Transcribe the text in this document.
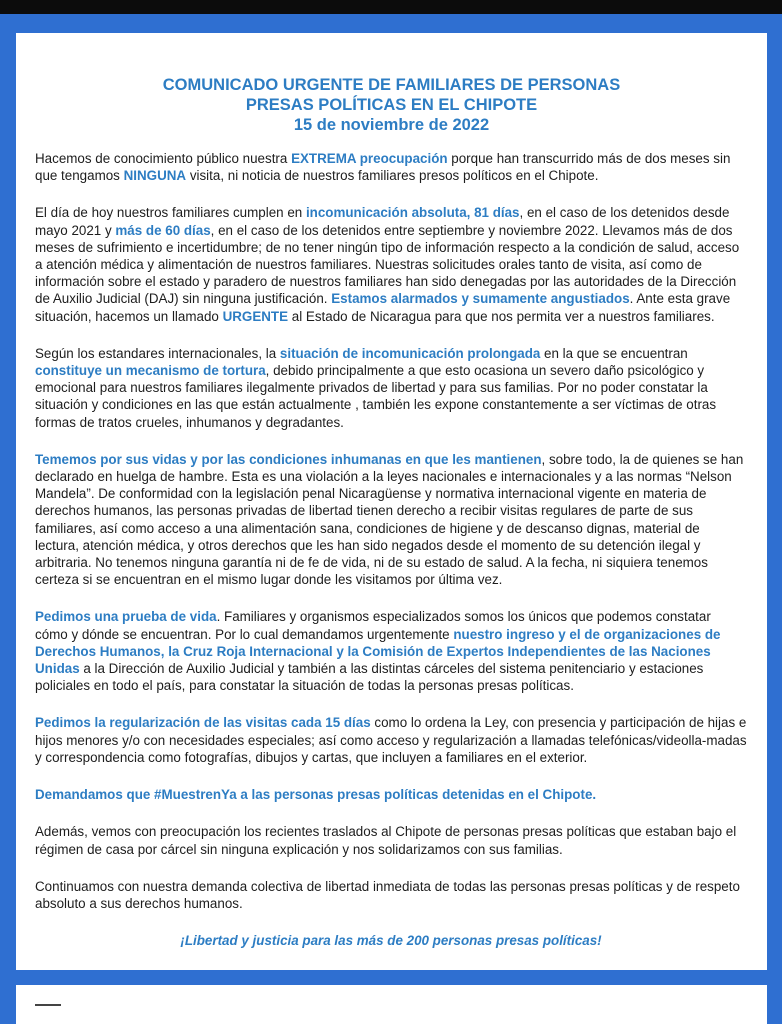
COMUNICADO URGENTE DE FAMILIARES DE PERSONAS
PRESAS POLÍTICAS EN EL CHIPOTE
15 de noviembre de 2022

Hacemos de conocimiento público nuestra EXTREMA preocupación porque han transcurrido más de dos meses sin que tengamos NINGUNA visita, ni noticia de nuestros familiares presos políticos en el Chipote.

El día de hoy nuestros familiares cumplen en incomunicación absoluta, 81 días, en el caso de los detenidos desde mayo 2021 y más de 60 días, en el caso de los detenidos entre septiembre y noviembre 2022. Llevamos más de dos meses de sufrimiento e incertidumbre; de no tener ningún tipo de información respecto a la condición de salud, acceso a atención médica y alimentación de nuestros familiares. Nuestras solicitudes orales tanto de visita, así como de información sobre el estado y paradero de nuestros familiares han sido denegadas por las autoridades de la Dirección de Auxilio Judicial (DAJ) sin ninguna justificación. Estamos alarmados y sumamente angustiados. Ante esta grave situación, hacemos un llamado URGENTE al Estado de Nicaragua para que nos permita ver a nuestros familiares.

Según los estandares internacionales, la situación de incomunicación prolongada en la que se encuentran constituye un mecanismo de tortura, debido principalmente a que esto ocasiona un severo daño psicológico y emocional para nuestros familiares ilegalmente privados de libertad y para sus familias. Por no poder constatar la situación y condiciones en las que están actualmente , también les expone constantemente a ser víctimas de otras formas de tratos crueles, inhumanos y degradantes.

Tememos por sus vidas y por las condiciones inhumanas en que les mantienen, sobre todo, la de quienes se han declarado en huelga de hambre. Esta es una violación a la leyes nacionales e internacionales y a las normas “Nelson Mandela”. De conformidad con la legislación penal Nicaragüense y normativa internacional vigente en materia de derechos humanos, las personas privadas de libertad tienen derecho a recibir visitas regulares de parte de sus familiares, así como acceso a una alimentación sana, condiciones de higiene y de descanso dignas, material de lectura, atención médica, y otros derechos que les han sido negados desde el momento de su detención ilegal y arbitraria. No tenemos ninguna garantía ni de fe de vida, ni de su estado de salud. A la fecha, ni siquiera tenemos certeza si se encuentran en el mismo lugar donde les visitamos por última vez.

Pedimos una prueba de vida. Familiares y organismos especializados somos los únicos que podemos constatar cómo y dónde se encuentran. Por lo cual demandamos urgentemente nuestro ingreso y el de organizaciones de Derechos Humanos, la Cruz Roja Internacional y la Comisión de Expertos Independientes de las Naciones Unidas a la Dirección de Auxilio Judicial y también a las distintas cárceles del sistema penitenciario y estaciones policiales en todo el país, para constatar la situación de todas la personas presas políticas.

Pedimos la regularización de las visitas cada 15 días como lo ordena la Ley, con presencia y participación de hijas e hijos menores y/o con necesidades especiales; así como acceso y regularización a llamadas telefónicas/videolla-madas y correspondencia como fotografías, dibujos y cartas, que incluyen a familiares en el exterior.

Demandamos que #MuestrenYa a las personas presas políticas detenidas en el Chipote.

Además, vemos con preocupación los recientes traslados al Chipote de personas presas políticas que estaban bajo el régimen de casa por cárcel sin ninguna explicación y nos solidarizamos con sus familias.

Continuamos con nuestra demanda colectiva de libertad inmediata de todas las personas presas políticas y de respeto absoluto a sus derechos humanos.

¡Libertad y justicia para las más de 200 personas presas políticas!
